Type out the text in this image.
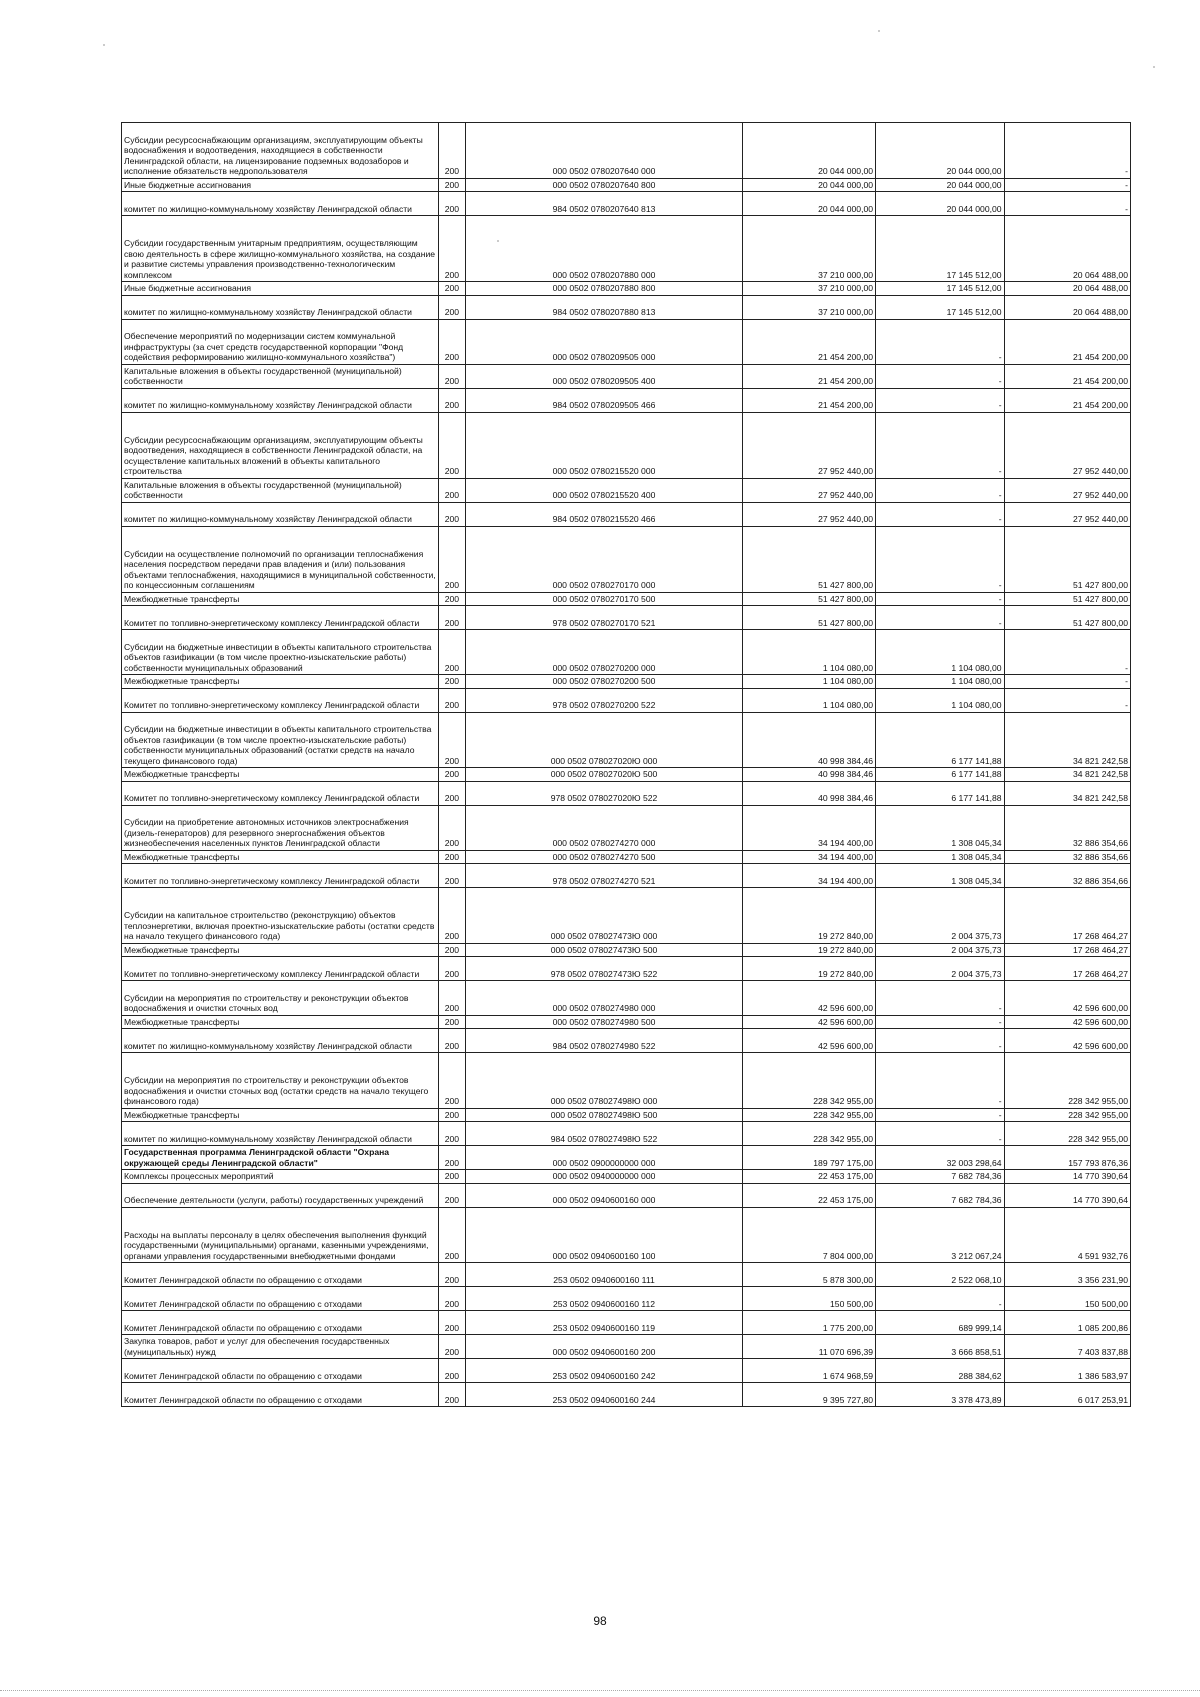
Субсидии ресурсоснабжающим организациям, эксплуатирующим объекты водоснабжения и водоотведения, находящиеся в собственности Ленинградской области, на лицензирование подземных водозаборов и исполнение обязательств недропользователя	200	000 0502 0780207640 000	20 044 000,00	20 044 000,00	-
Иные бюджетные ассигнования	200	000 0502 0780207640 800	20 044 000,00	20 044 000,00	-
комитет по жилищно-коммунальному хозяйству Ленинградской области	200	984 0502 0780207640 813	20 044 000,00	20 044 000,00	-
Субсидии государственным унитарным предприятиям, осуществляющим свою деятельность в сфере жилищно-коммунального хозяйства, на создание и развитие системы управления производственно-технологическим комплексом	200	000 0502 0780207880 000	37 210 000,00	17 145 512,00	20 064 488,00
Иные бюджетные ассигнования	200	000 0502 0780207880 800	37 210 000,00	17 145 512,00	20 064 488,00
комитет по жилищно-коммунальному хозяйству Ленинградской области	200	984 0502 0780207880 813	37 210 000,00	17 145 512,00	20 064 488,00
Обеспечение мероприятий по модернизации систем коммунальной инфраструктуры (за счет средств государственной корпорации "Фонд содействия реформированию жилищно-коммунального хозяйства")	200	000 0502 0780209505 000	21 454 200,00	-	21 454 200,00
Капитальные вложения в объекты государственной (муниципальной) собственности	200	000 0502 0780209505 400	21 454 200,00	-	21 454 200,00
комитет по жилищно-коммунальному хозяйству Ленинградской области	200	984 0502 0780209505 466	21 454 200,00	-	21 454 200,00
Субсидии ресурсоснабжающим организациям, эксплуатирующим объекты водоотведения, находящиеся в собственности Ленинградской области, на осуществление капитальных вложений в объекты капитального строительства	200	000 0502 0780215520 000	27 952 440,00	-	27 952 440,00
Капитальные вложения в объекты государственной (муниципальной) собственности	200	000 0502 0780215520 400	27 952 440,00	-	27 952 440,00
комитет по жилищно-коммунальному хозяйству Ленинградской области	200	984 0502 0780215520 466	27 952 440,00	-	27 952 440,00
Субсидии на осуществление полномочий по организации теплоснабжения населения посредством передачи прав владения и (или) пользования объектами теплоснабжения, находящимися в муниципальной собственности, по концессионным соглашениям	200	000 0502 0780270170 000	51 427 800,00	-	51 427 800,00
Межбюджетные трансферты	200	000 0502 0780270170 500	51 427 800,00	-	51 427 800,00
Комитет по топливно-энергетическому комплексу Ленинградской области	200	978 0502 0780270170 521	51 427 800,00	-	51 427 800,00
Субсидии на бюджетные инвестиции в объекты капитального строительства объектов газификации (в том числе проектно-изыскательские работы) собственности муниципальных образований	200	000 0502 0780270200 000	1 104 080,00	1 104 080,00	-
Межбюджетные трансферты	200	000 0502 0780270200 500	1 104 080,00	1 104 080,00	-
Комитет по топливно-энергетическому комплексу Ленинградской области	200	978 0502 0780270200 522	1 104 080,00	1 104 080,00	-
Субсидии на бюджетные инвестиции в объекты капитального строительства объектов газификации (в том числе проектно-изыскательские работы) собственности муниципальных образований (остатки средств на начало текущего финансового года)	200	000 0502 078027020Ю 000	40 998 384,46	6 177 141,88	34 821 242,58
Межбюджетные трансферты	200	000 0502 078027020Ю 500	40 998 384,46	6 177 141,88	34 821 242,58
Комитет по топливно-энергетическому комплексу Ленинградской области	200	978 0502 078027020Ю 522	40 998 384,46	6 177 141,88	34 821 242,58
Субсидии на приобретение автономных источников электроснабжения (дизель-генераторов) для резервного энергоснабжения объектов жизнеобеспечения населенных пунктов Ленинградской области	200	000 0502 0780274270 000	34 194 400,00	1 308 045,34	32 886 354,66
Межбюджетные трансферты	200	000 0502 0780274270 500	34 194 400,00	1 308 045,34	32 886 354,66
Комитет по топливно-энергетическому комплексу Ленинградской области	200	978 0502 0780274270 521	34 194 400,00	1 308 045,34	32 886 354,66
Субсидии на капитальное строительство (реконструкцию) объектов теплоэнергетики, включая проектно-изыскательские работы (остатки средств на начало текущего финансового года)	200	000 0502 078027473Ю 000	19 272 840,00	2 004 375,73	17 268 464,27
Межбюджетные трансферты	200	000 0502 078027473Ю 500	19 272 840,00	2 004 375,73	17 268 464,27
Комитет по топливно-энергетическому комплексу Ленинградской области	200	978 0502 078027473Ю 522	19 272 840,00	2 004 375,73	17 268 464,27
Субсидии на мероприятия по строительству и реконструкции объектов водоснабжения и очистки сточных вод	200	000 0502 0780274980 000	42 596 600,00	-	42 596 600,00
Межбюджетные трансферты	200	000 0502 0780274980 500	42 596 600,00	-	42 596 600,00
комитет по жилищно-коммунальному хозяйству Ленинградской области	200	984 0502 0780274980 522	42 596 600,00	-	42 596 600,00
Субсидии на мероприятия по строительству и реконструкции объектов водоснабжения и очистки сточных вод (остатки средств на начало текущего финансового года)	200	000 0502 078027498Ю 000	228 342 955,00	-	228 342 955,00
Межбюджетные трансферты	200	000 0502 078027498Ю 500	228 342 955,00	-	228 342 955,00
комитет по жилищно-коммунальному хозяйству Ленинградской области	200	984 0502 078027498Ю 522	228 342 955,00	-	228 342 955,00
Государственная программа Ленинградской области "Охрана окружающей среды Ленинградской области"	200	000 0502 0900000000 000	189 797 175,00	32 003 298,64	157 793 876,36
Комплексы процессных мероприятий	200	000 0502 0940000000 000	22 453 175,00	7 682 784,36	14 770 390,64
Обеспечение деятельности (услуги, работы) государственных учреждений	200	000 0502 0940600160 000	22 453 175,00	7 682 784,36	14 770 390,64
Расходы на выплаты персоналу в целях обеспечения выполнения функций государственными (муниципальными) органами, казенными учреждениями, органами управления государственными внебюджетными фондами	200	000 0502 0940600160 100	7 804 000,00	3 212 067,24	4 591 932,76
Комитет Ленинградской области по обращению с отходами	200	253 0502 0940600160 111	5 878 300,00	2 522 068,10	3 356 231,90
Комитет Ленинградской области по обращению с отходами	200	253 0502 0940600160 112	150 500,00	-	150 500,00
Комитет Ленинградской области по обращению с отходами	200	253 0502 0940600160 119	1 775 200,00	689 999,14	1 085 200,86
Закупка товаров, работ и услуг для обеспечения государственных (муниципальных) нужд	200	000 0502 0940600160 200	11 070 696,39	3 666 858,51	7 403 837,88
Комитет Ленинградской области по обращению с отходами	200	253 0502 0940600160 242	1 674 968,59	288 384,62	1 386 583,97
Комитет Ленинградской области по обращению с отходами	200	253 0502 0940600160 244	9 395 727,80	3 378 473,89	6 017 253,91
98
